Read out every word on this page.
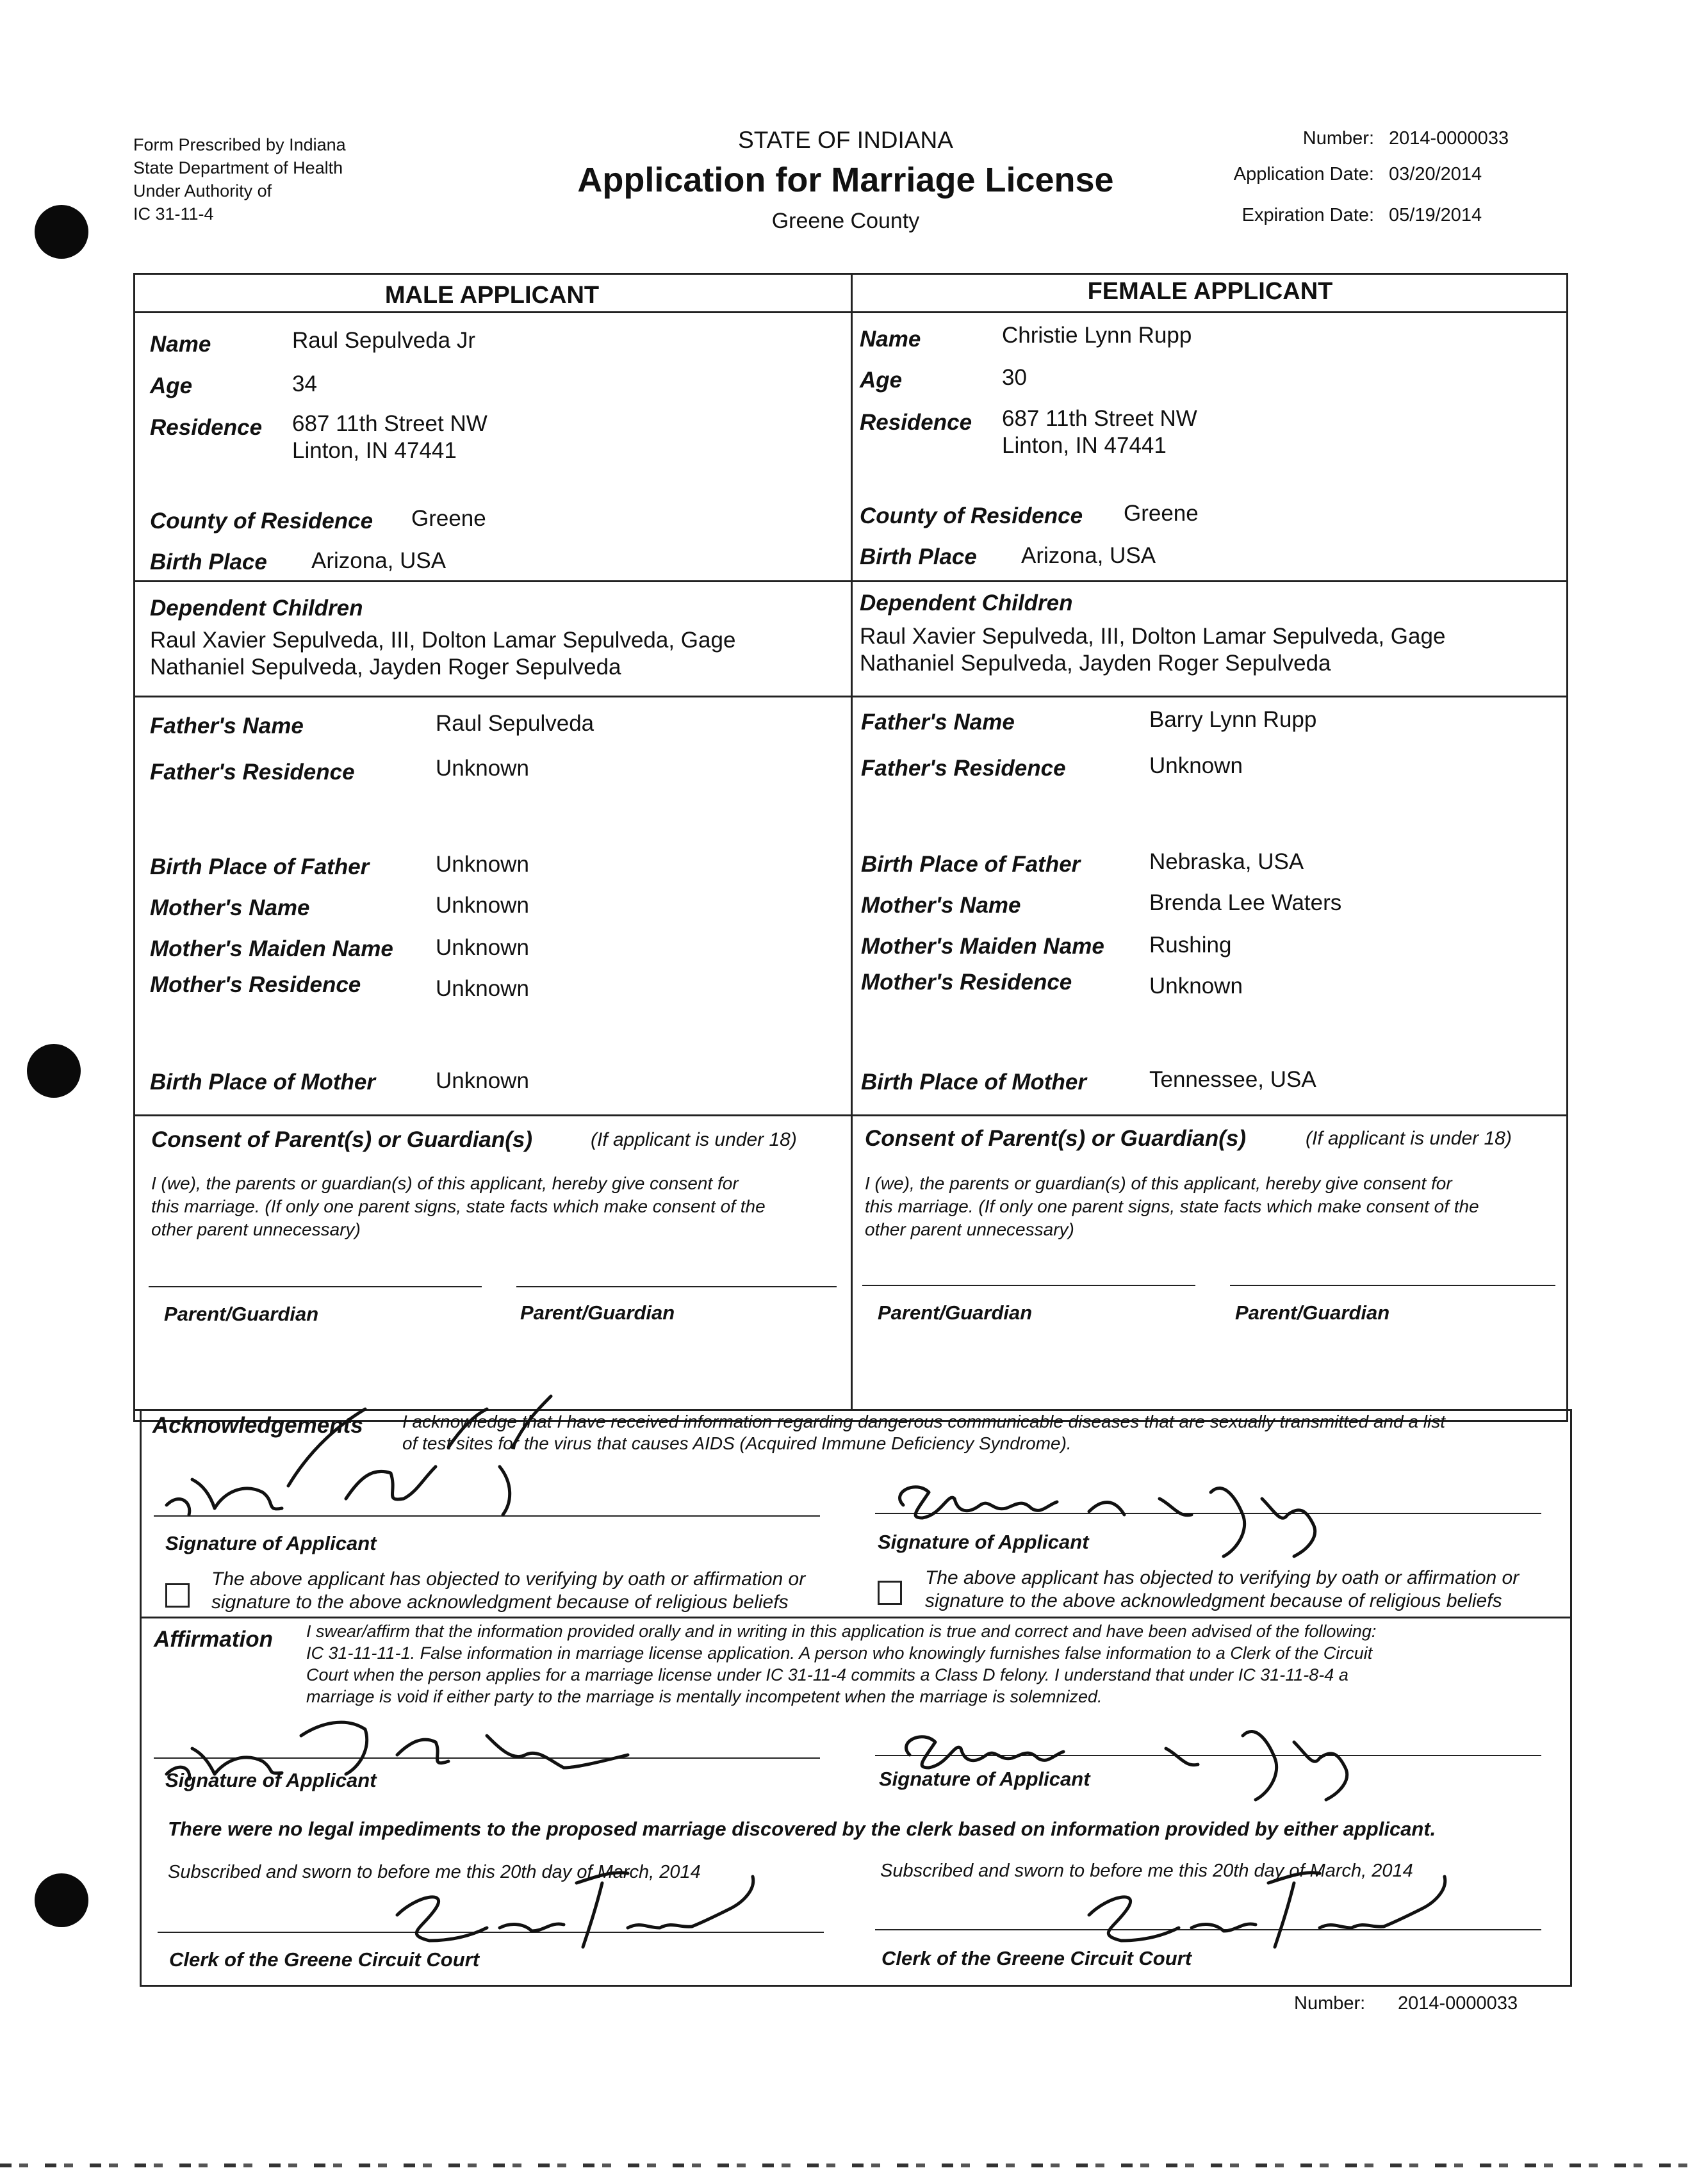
Form Prescribed by Indiana
State Department of Health
Under Authority of
IC 31-11-4
STATE OF INDIANA
Application for Marriage License
Greene County
Number: 2014-0000033
Application Date: 03/20/2014
Expiration Date: 05/19/2014
MALE APPLICANT	FEMALE APPLICANT
Name	Raul Sepulveda Jr
Age	34
Residence 687 11th Street NW
Linton, IN 47441
County of Residence Greene
Birth Place Arizona, USA
Dependent Children
Raul Xavier Sepulveda, III, Dolton Lamar Sepulveda, Gage
Nathaniel Sepulveda, Jayden Roger Sepulveda
Father's Name	Raul Sepulveda
Father's Residence	Unknown
Birth Place of Father	Unknown
Mother's Name	Unknown
Mother's Maiden Name Unknown
Mother's Residence	Unknown
Birth Place of Mother	Unknown
Name	Christie Lynn Rupp
Age	30
Residence 687 11th Street NW
Linton, IN 47441
County of Residence Greene
Birth Place Arizona, USA
Dependent Children
Raul Xavier Sepulveda, III, Dolton Lamar Sepulveda, Gage
Nathaniel Sepulveda, Jayden Roger Sepulveda
Father's Name	Barry Lynn Rupp
Father's Residence	Unknown
Birth Place of Father	Nebraska, USA
Mother's Name	Brenda Lee Waters
Mother's Maiden Name Rushing
Mother's Residence	Unknown
Birth Place of Mother	Tennessee, USA
Consent of Parent(s) or Guardian(s)	(If applicant is under 18)
I (we), the parents or guardian(s) of this applicant, hereby give consent for
this marriage. (If only one parent signs, state facts which make consent of the
other parent unnecessary)
Parent/Guardian	Parent/Guardian
Consent of Parent(s) or Guardian(s)	(If applicant is under 18)
I (we), the parents or guardian(s) of this applicant, hereby give consent for
this marriage. (If only one parent signs, state facts which make consent of the
other parent unnecessary)
Parent/Guardian	Parent/Guardian
Acknowledgements I acknowledge that I have received information regarding dangerous communicable diseases that are sexually transmitted and a list
of test sites for the virus that causes AIDS (Acquired Immune Deficiency Syndrome).
Signature of Applicant
The above applicant has objected to verifying by oath or affirmation or
signature to the above acknowledgment because of religious beliefs
Signature of Applicant
The above applicant has objected to verifying by oath or affirmation or
signature to the above acknowledgment because of religious beliefs
Affirmation I swear/affirm that the information provided orally and in writing in this application is true and correct and have been advised of the following:
IC 31-11-11-1. False information in marriage license application. A person who knowingly furnishes false information to a Clerk of the Circuit
Court when the person applies for a marriage license under IC 31-11-4 commits a Class D felony. I understand that under IC 31-11-8-4 a
marriage is void if either party to the marriage is mentally incompetent when the marriage is solemnized.
Signature of Applicant	Signature of Applicant
There were no legal impediments to the proposed marriage discovered by the clerk based on information provided by either applicant.
Subscribed and sworn to before me this 20th day of March, 2014	Subscribed and sworn to before me this 20th day of March, 2014
Clerk of the Greene Circuit Court	Clerk of the Greene Circuit Court
Number: 2014-0000033
